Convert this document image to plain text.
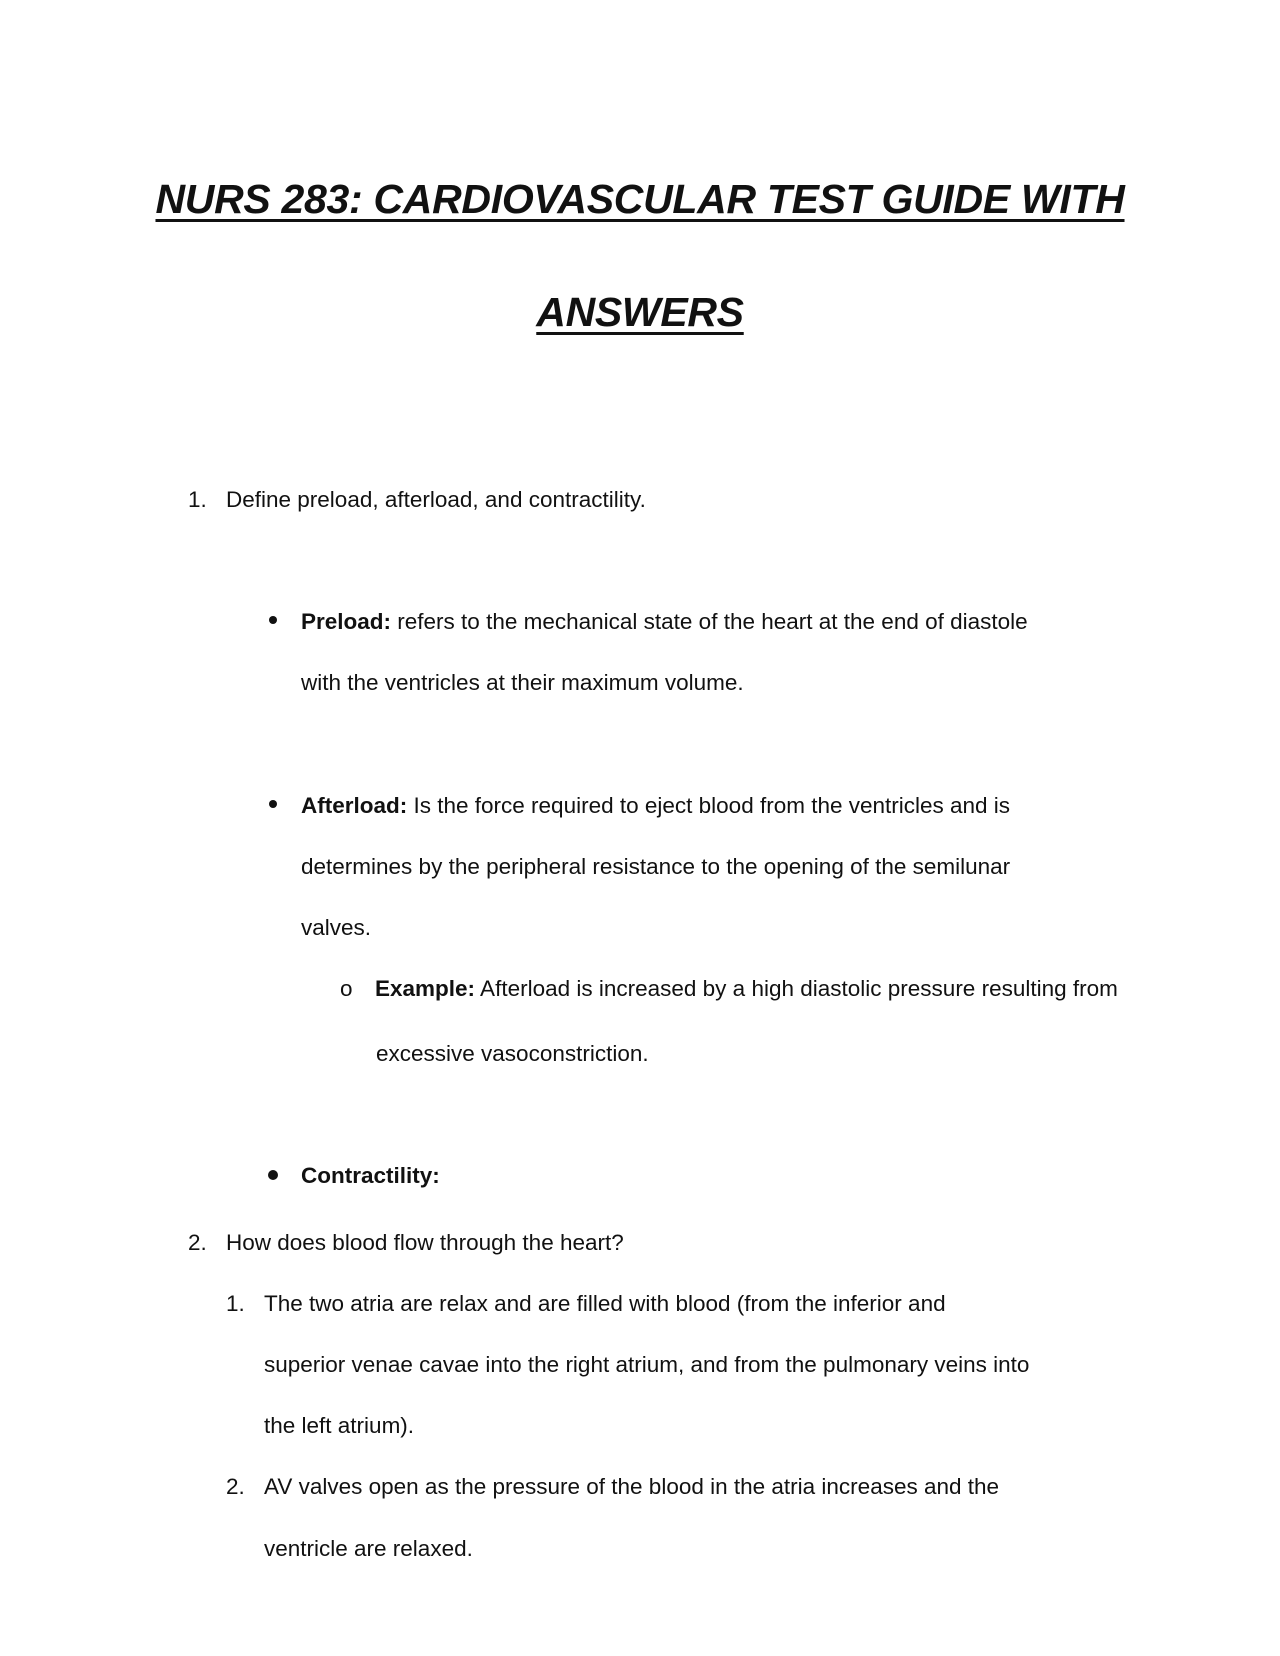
NURS 283: CARDIOVASCULAR TEST GUIDE WITH
ANSWERS
1. Define preload, afterload, and contractility.
Preload: refers to the mechanical state of the heart at the end of diastole
with the ventricles at their maximum volume.
Afterload: Is the force required to eject blood from the ventricles and is
determines by the peripheral resistance to the opening of the semilunar
valves.
o Example: Afterload is increased by a high diastolic pressure resulting from
excessive vasoconstriction.
Contractility:
2. How does blood flow through the heart?
1. The two atria are relax and are filled with blood (from the inferior and
superior venae cavae into the right atrium, and from the pulmonary veins into
the left atrium).
2. AV valves open as the pressure of the blood in the atria increases and the
ventricle are relaxed.
